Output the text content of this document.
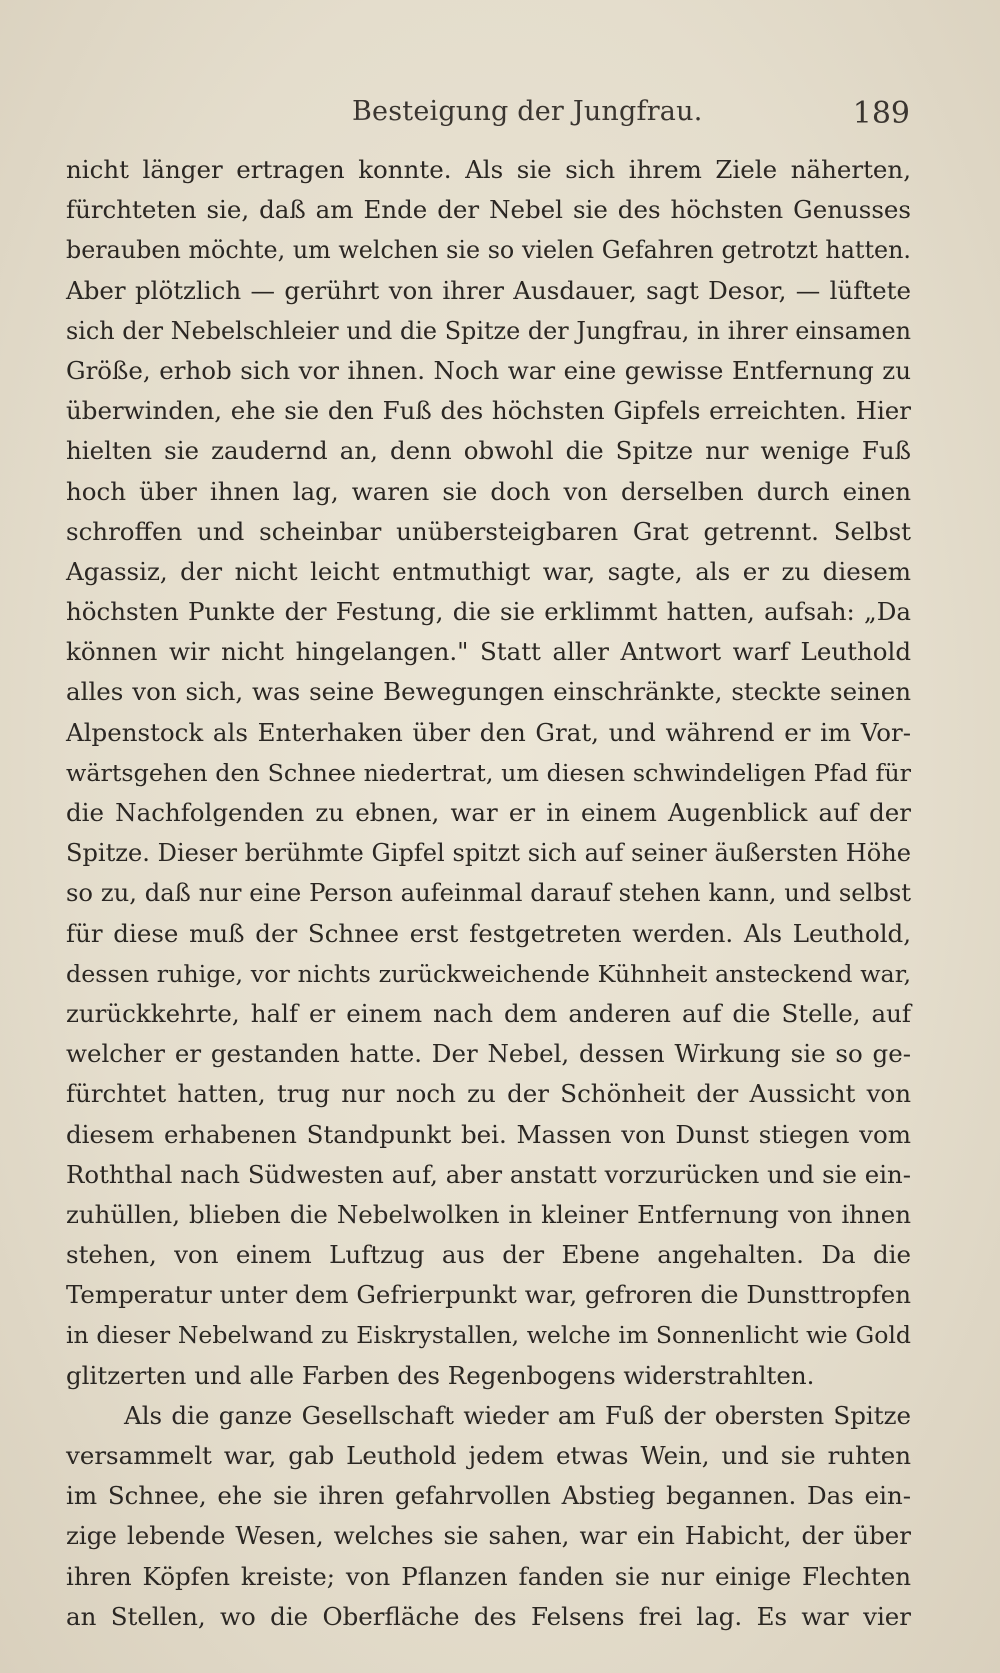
Besteigung der Jungfrau.	189
nicht länger ertragen konnte. Als sie sich ihrem Ziele näherten,
fürchteten sie, daß am Ende der Nebel sie des höchsten Genusses
berauben möchte, um welchen sie so vielen Gefahren getrotzt hatten.
Aber plötzlich — gerührt von ihrer Ausdauer, sagt Desor, — lüftete
sich der Nebelschleier und die Spitze der Jungfrau, in ihrer einsamen
Größe, erhob sich vor ihnen. Noch war eine gewisse Entfernung zu
überwinden, ehe sie den Fuß des höchsten Gipfels erreichten. Hier
hielten sie zaudernd an, denn obwohl die Spitze nur wenige Fuß
hoch über ihnen lag, waren sie doch von derselben durch einen
schroffen und scheinbar unübersteigbaren Grat getrennt. Selbst
Agassiz, der nicht leicht entmuthigt war, sagte, als er zu diesem
höchsten Punkte der Festung, die sie erklimmt hatten, aufsah: „Da
können wir nicht hingelangen." Statt aller Antwort warf Leuthold
alles von sich, was seine Bewegungen einschränkte, steckte seinen
Alpenstock als Enterhaken über den Grat, und während er im Vor-
wärtsgehen den Schnee niedertrat, um diesen schwindeligen Pfad für
die Nachfolgenden zu ebnen, war er in einem Augenblick auf der
Spitze. Dieser berühmte Gipfel spitzt sich auf seiner äußersten Höhe
so zu, daß nur eine Person aufeinmal darauf stehen kann, und selbst
für diese muß der Schnee erst festgetreten werden. Als Leuthold,
dessen ruhige, vor nichts zurückweichende Kühnheit ansteckend war,
zurückkehrte, half er einem nach dem anderen auf die Stelle, auf
welcher er gestanden hatte. Der Nebel, dessen Wirkung sie so ge-
fürchtet hatten, trug nur noch zu der Schönheit der Aussicht von
diesem erhabenen Standpunkt bei. Massen von Dunst stiegen vom
Roththal nach Südwesten auf, aber anstatt vorzurücken und sie ein-
zuhüllen, blieben die Nebelwolken in kleiner Entfernung von ihnen
stehen, von einem Luftzug aus der Ebene angehalten. Da die
Temperatur unter dem Gefrierpunkt war, gefroren die Dunsttropfen
in dieser Nebelwand zu Eiskrystallen, welche im Sonnenlicht wie Gold
glitzerten und alle Farben des Regenbogens widerstrahlten.
Als die ganze Gesellschaft wieder am Fuß der obersten Spitze
versammelt war, gab Leuthold jedem etwas Wein, und sie ruhten
im Schnee, ehe sie ihren gefahrvollen Abstieg begannen. Das ein-
zige lebende Wesen, welches sie sahen, war ein Habicht, der über
ihren Köpfen kreiste; von Pflanzen fanden sie nur einige Flechten
an Stellen, wo die Oberfläche des Felsens frei lag. Es war vier
